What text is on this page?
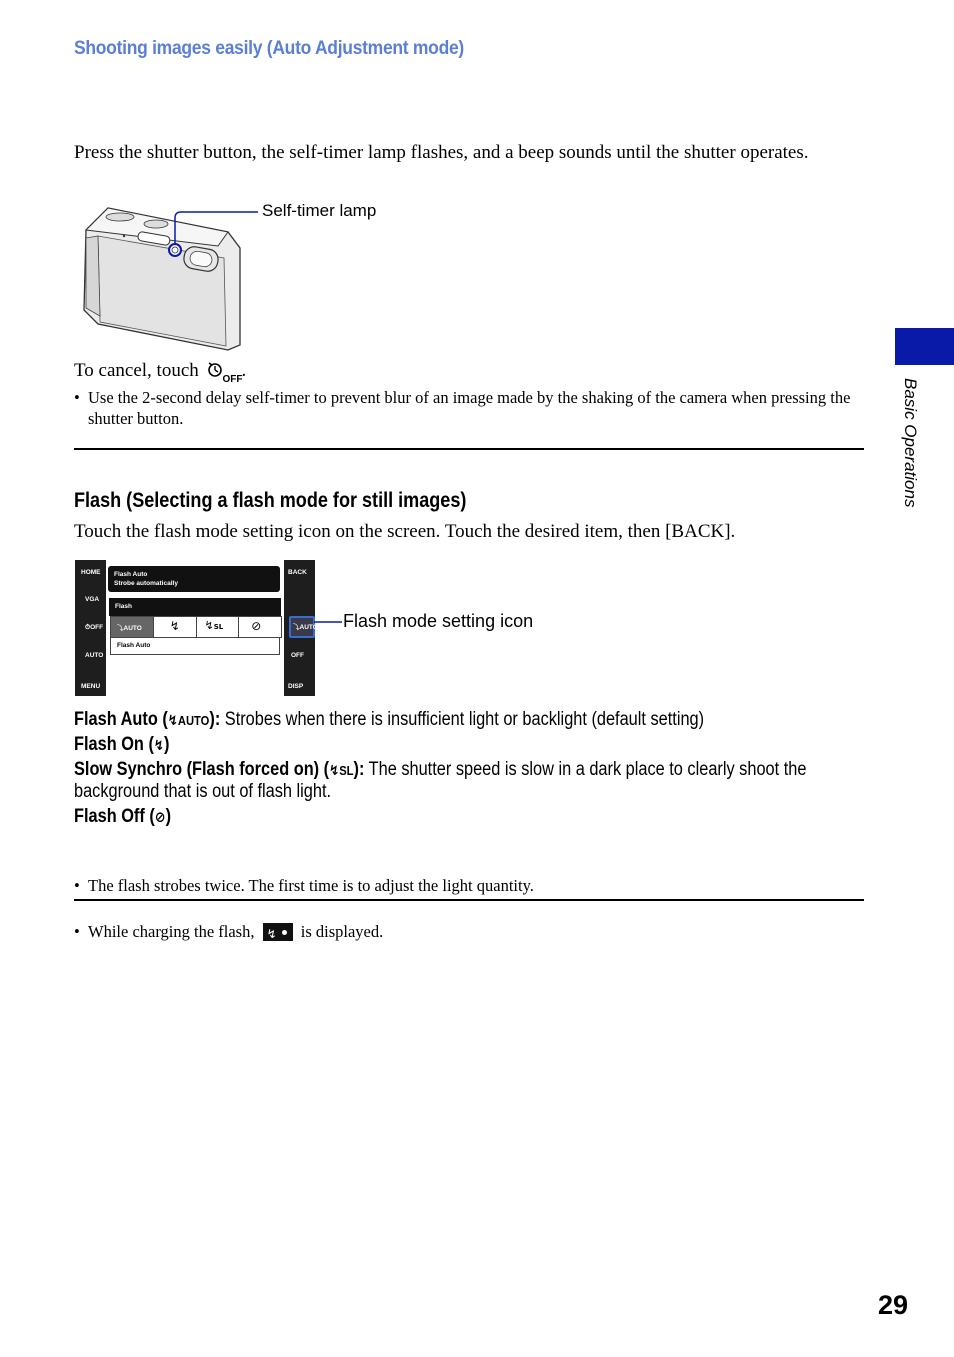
Shooting images easily (Auto Adjustment mode)
Press the shutter button, the self-timer lamp flashes, and a beep sounds until the shutter operates.
Self-timer lamp
To cancel, touch OFF .
• Use the 2-second delay self-timer to prevent blur of an image made by the shaking of the camera when pressing the shutter button.
Flash (Selecting a flash mode for still images)
Touch the flash mode setting icon on the screen. Touch the desired item, then [BACK].
HOME	BACK
MENU	DISP
VGA
⏱OFF
AUTO
⤵AUTO
OFF
Flash Auto
Strobe automatically
Flash
⤵AUTO ↯ ↯SL ⊘
Flash Auto
Flash mode setting icon
Flash Auto (↯AUTO): Strobes when there is insufficient light or backlight (default setting)
Flash On (↯)
Slow Synchro (Flash forced on) (↯SL): The shutter speed is slow in a dark place to clearly shoot the
background that is out of flash light.
Flash Off (⊘)
• The flash strobes twice. The first time is to adjust the light quantity.
• While charging the flash, ↯ is displayed.
Basic Operations
29
